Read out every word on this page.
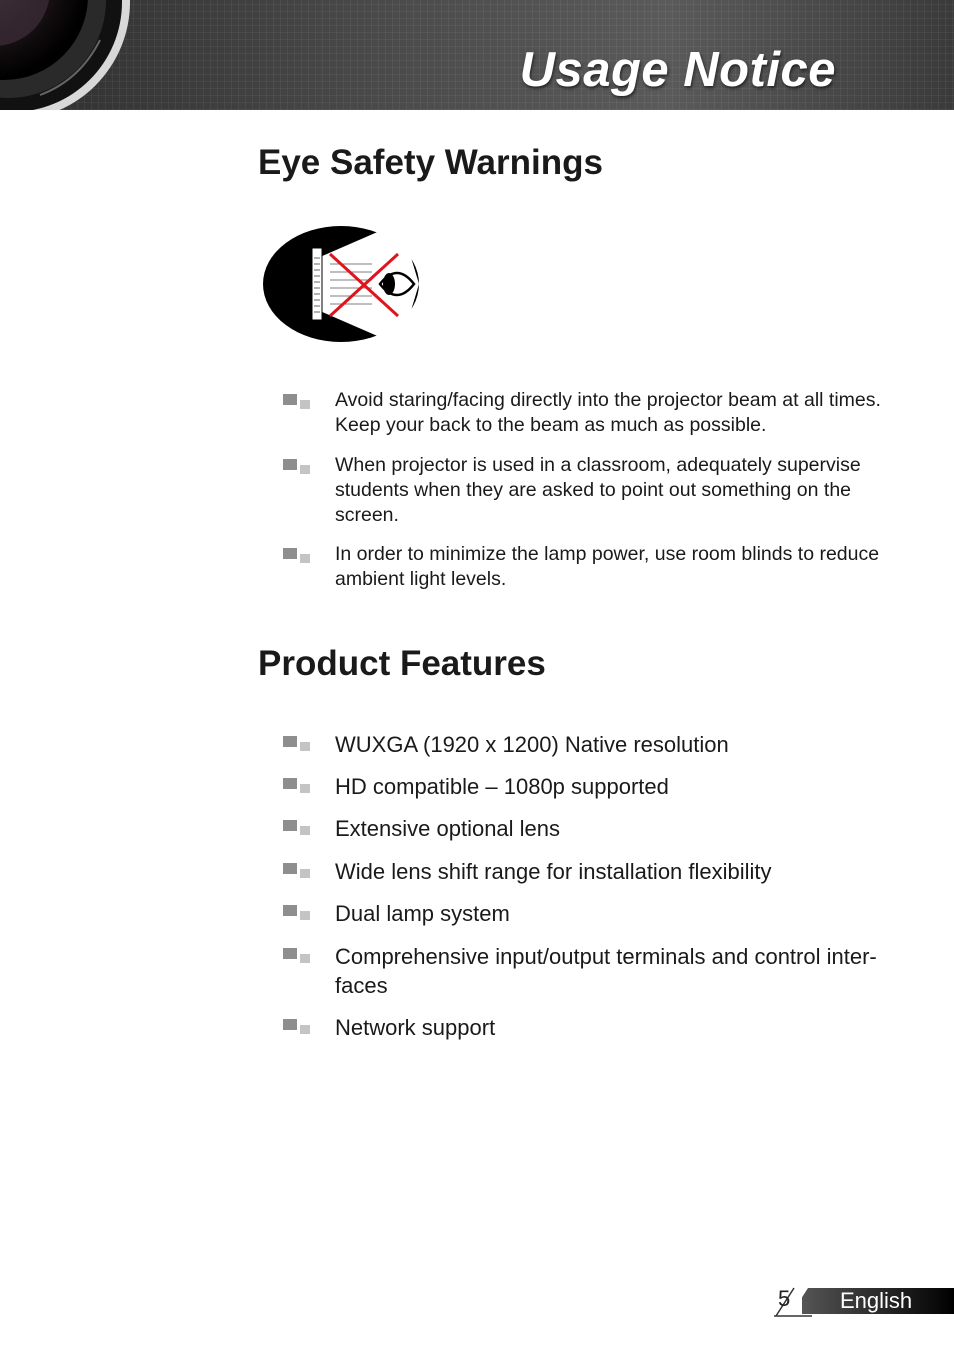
Usage Notice
Eye Safety Warnings
Avoid staring/facing directly into the projector beam at all times. Keep your back to the beam as much as possible.
When projector is used in a classroom, adequately supervise students when they are asked to point out something on the screen.
In order to minimize the lamp power, use room blinds to reduce ambient light levels.
Product Features
WUXGA (1920 x 1200) Native resolution
HD compatible – 1080p supported
Extensive optional lens
Wide lens shift range for installation flexibility
Dual lamp system
Comprehensive input/output terminals and control inter-faces
Network support
5 English
